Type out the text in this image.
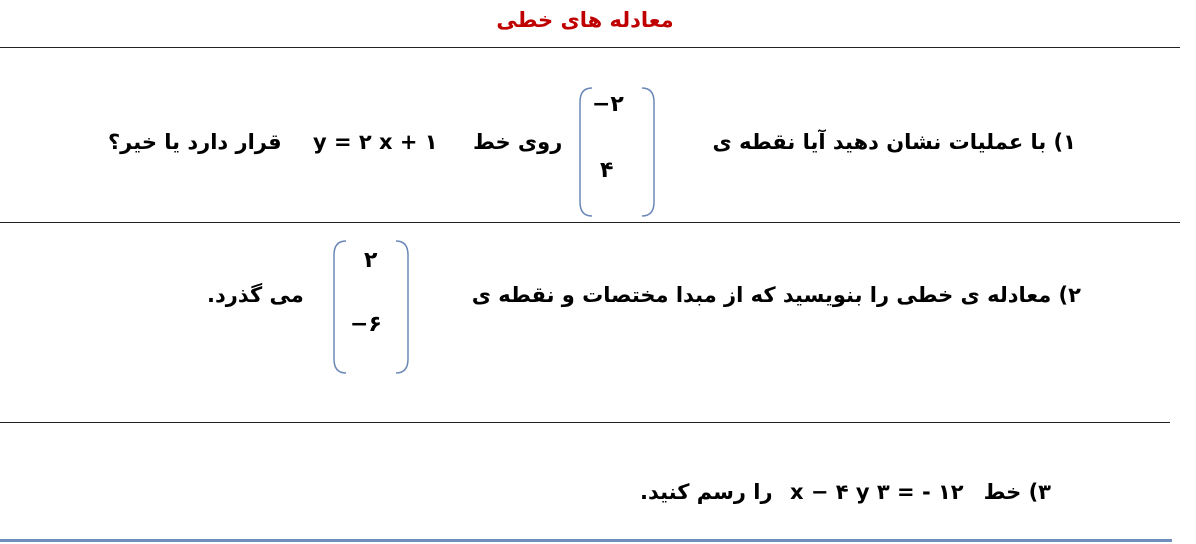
معادله های خطی
۱) با عملیات نشان دهید آیا نقطه ی
−۲
۴
روی خط
y = ۲ x + ۱
قرار دارد یا خیر؟
۲) معادله ی خطی را بنویسید که از مبدا مختصات و نقطه ی
۲
−۶
می گذرد.
۳) خط
۱۲ - = ۳ x − ۴ y
را رسم کنید.
